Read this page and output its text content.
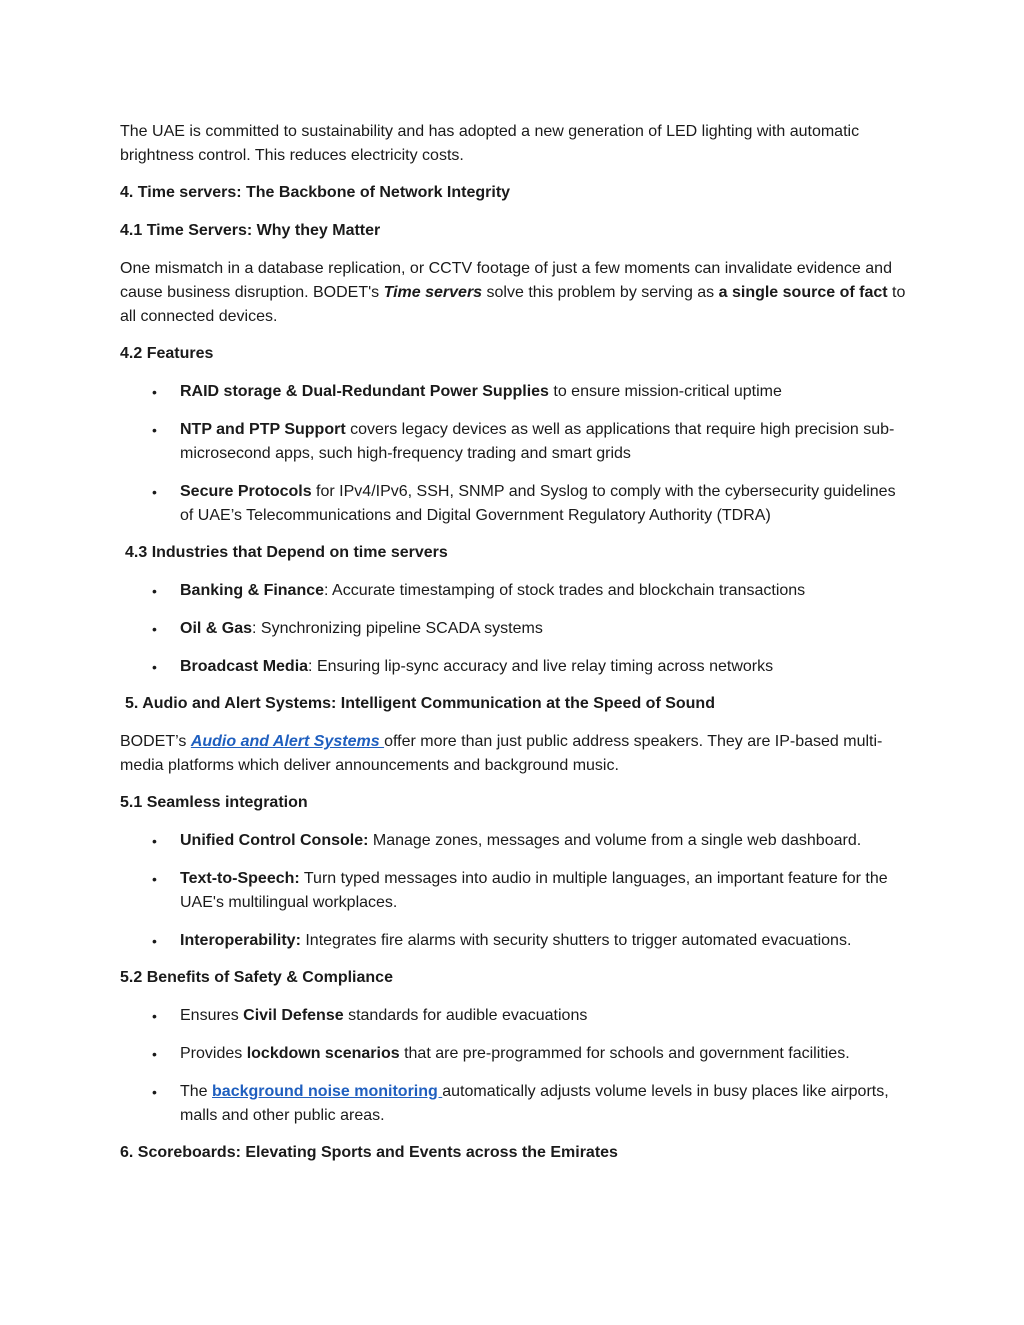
The UAE is committed to sustainability and has adopted a new generation of LED lighting with automatic brightness control. This reduces electricity costs.

4. Time servers: The Backbone of Network Integrity

4.1 Time Servers: Why they Matter

One mismatch in a database replication, or CCTV footage of just a few moments can invalidate evidence and cause business disruption. BODET's Time servers solve this problem by serving as a single source of fact to all connected devices.

4.2 Features

• RAID storage & Dual-Redundant Power Supplies to ensure mission-critical uptime
• NTP and PTP Support covers legacy devices as well as applications that require high precision sub-microsecond apps, such high-frequency trading and smart grids
• Secure Protocols for IPv4/IPv6, SSH, SNMP and Syslog to comply with the cybersecurity guidelines of UAE’s Telecommunications and Digital Government Regulatory Authority (TDRA)

4.3 Industries that Depend on time servers

• Banking & Finance: Accurate timestamping of stock trades and blockchain transactions
• Oil & Gas: Synchronizing pipeline SCADA systems
• Broadcast Media: Ensuring lip-sync accuracy and live relay timing across networks

5. Audio and Alert Systems: Intelligent Communication at the Speed of Sound

BODET’s Audio and Alert Systems offer more than just public address speakers. They are IP-based multi-media platforms which deliver announcements and background music.

5.1 Seamless integration

• Unified Control Console: Manage zones, messages and volume from a single web dashboard.
• Text-to-Speech: Turn typed messages into audio in multiple languages, an important feature for the UAE's multilingual workplaces.
• Interoperability: Integrates fire alarms with security shutters to trigger automated evacuations.

5.2 Benefits of Safety & Compliance

• Ensures Civil Defense standards for audible evacuations
• Provides lockdown scenarios that are pre-programmed for schools and government facilities.
• The background noise monitoring automatically adjusts volume levels in busy places like airports, malls and other public areas.

6. Scoreboards: Elevating Sports and Events across the Emirates
